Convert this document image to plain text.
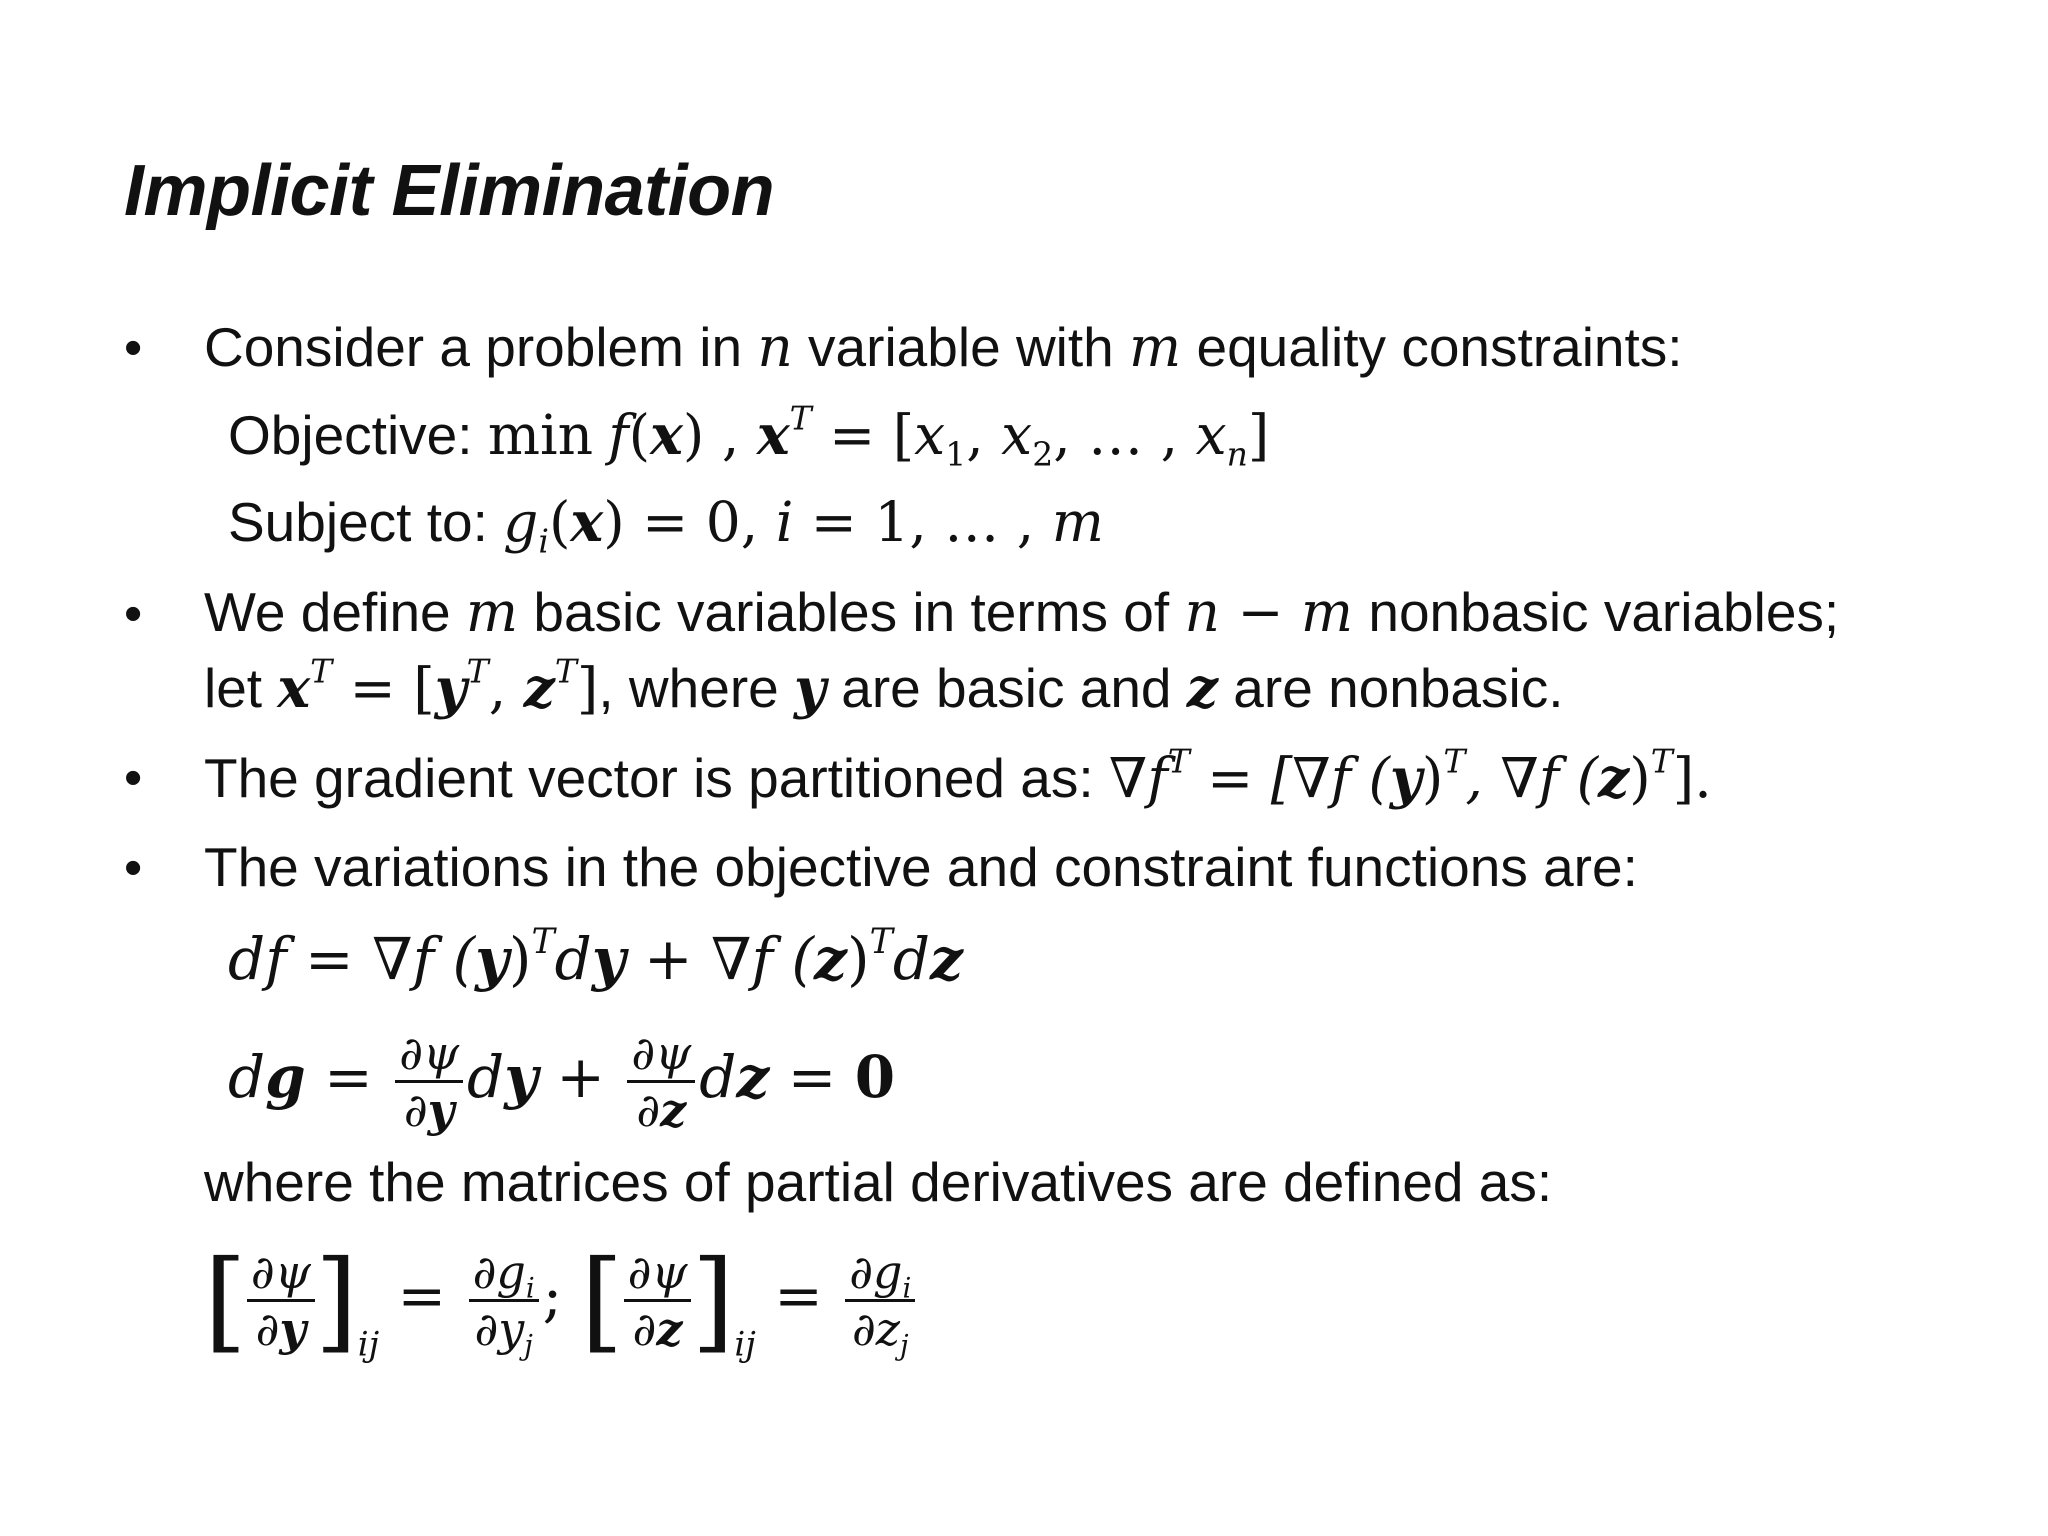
Implicit Elimination
• Consider a problem in n variable with m equality constraints:
Objective: min f(x) , $x^T = [x_1$, $x_2$, … , $x_n$]
Subject to: $g_i(x) = 0$, i = 1, … , m
• We define m basic variables in terms of n − m nonbasic variables;
let $x^T = [y^T$, $z^T$], where y are basic and z are nonbasic.
• The gradient vector is partitioned as: $\nabla f^T = [\nabla f$ $(y)^T$, ∇f $(z)^T$].
• The variations in the objective and constraint functions are:
df = ∇f $(y)^Tdy + \nabla f$ $(z)^Tdz$
dg = $\frac{\partial\psi}{\partial y}$ dy + $\frac{\partial\psi}{\partial z}$ dz = 0
where the matrices of partial derivatives are defined as:
[ $\frac{\partial\psi}{\partial y} ]_{ij} = \frac{\partial g_i}{\partial y_j}$ ; [ $\frac{\partial\psi}{\partial z} ]_{ij} = \frac{\partial g_i}{\partial z_j}$
